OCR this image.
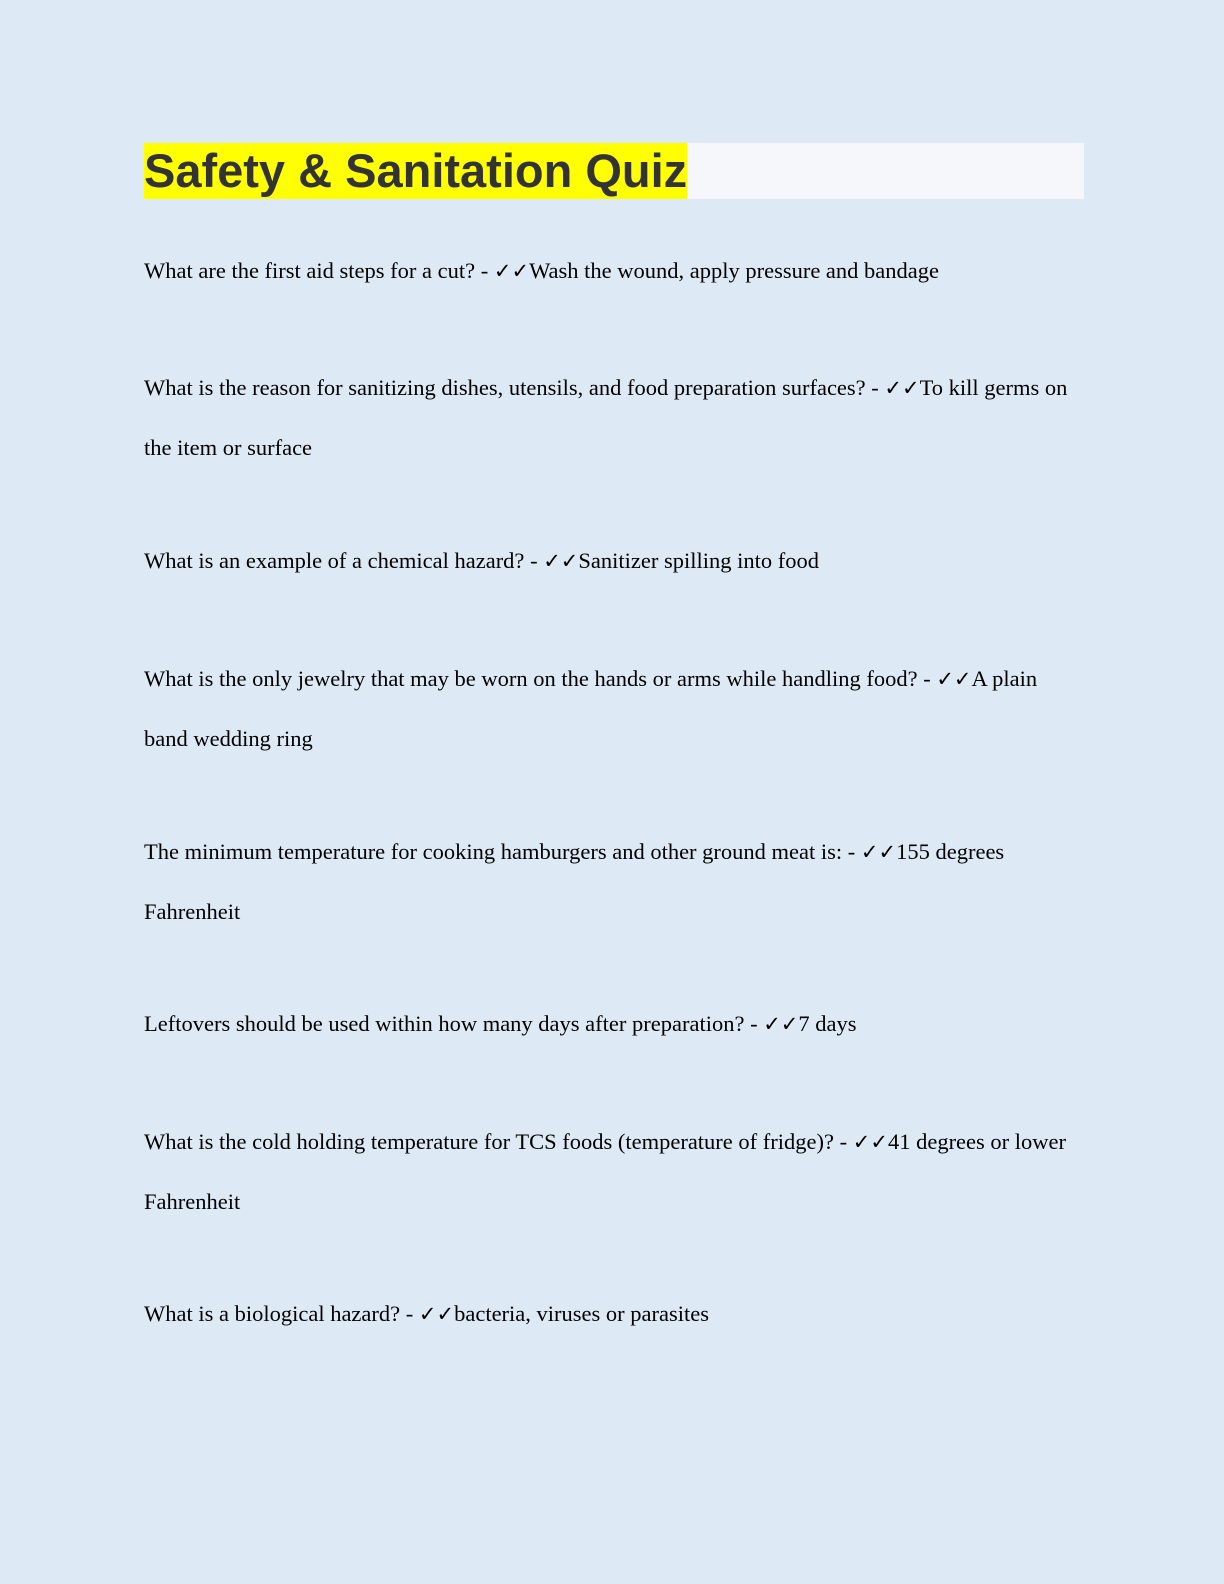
Safety & Sanitation Quiz

What are the first aid steps for a cut? - ✓✓Wash the wound, apply pressure and bandage

What is the reason for sanitizing dishes, utensils, and food preparation surfaces? - ✓✓To kill germs on the item or surface

What is an example of a chemical hazard? - ✓✓Sanitizer spilling into food

What is the only jewelry that may be worn on the hands or arms while handling food? - ✓✓A plain band wedding ring

The minimum temperature for cooking hamburgers and other ground meat is: - ✓✓155 degrees Fahrenheit

Leftovers should be used within how many days after preparation? - ✓✓7 days

What is the cold holding temperature for TCS foods (temperature of fridge)? - ✓✓41 degrees or lower Fahrenheit

What is a biological hazard? - ✓✓bacteria, viruses or parasites
